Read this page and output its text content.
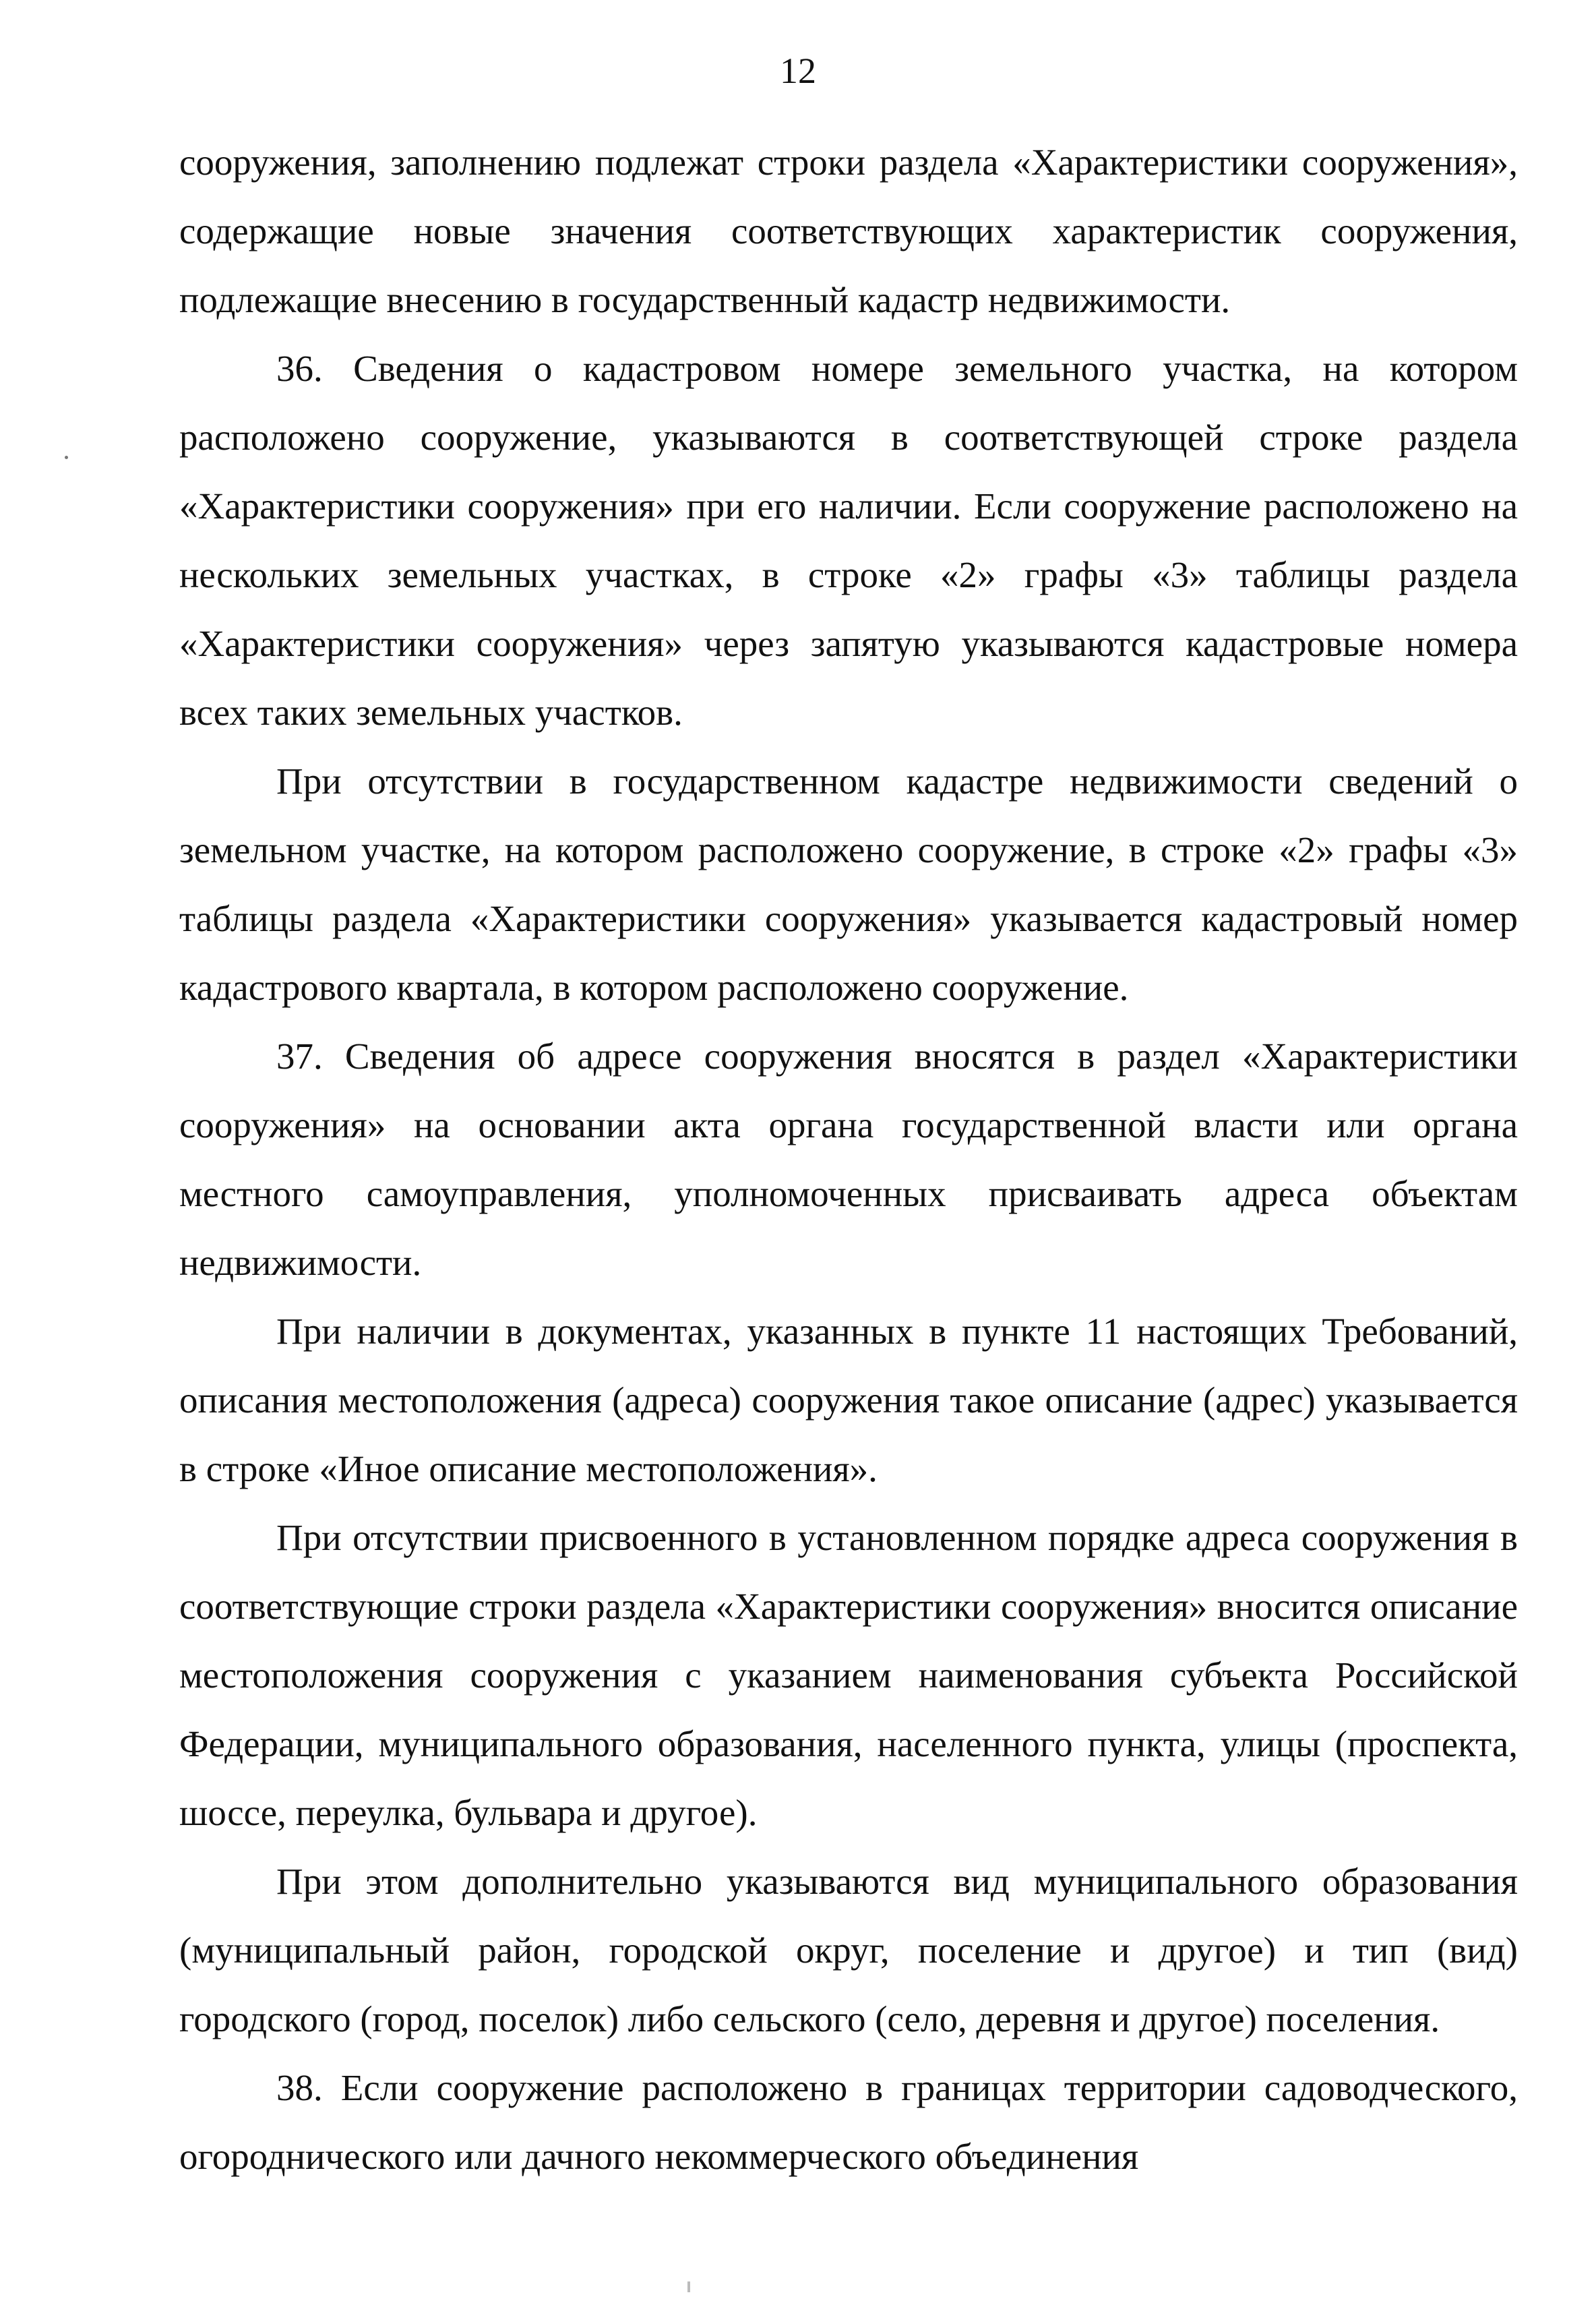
12

сооружения, заполнению подлежат строки раздела «Характеристики сооружения», содержащие новые значения соответствующих характеристик сооружения, подлежащие внесению в государственный кадастр недвижимости.

36. Сведения о кадастровом номере земельного участка, на котором расположено сооружение, указываются в соответствующей строке раздела «Характеристики сооружения» при его наличии. Если сооружение расположено на нескольких земельных участках, в строке «2» графы «3» таблицы раздела «Характеристики сооружения» через запятую указываются кадастровые номера всех таких земельных участков.

При отсутствии в государственном кадастре недвижимости сведений о земельном участке, на котором расположено сооружение, в строке «2» графы «3» таблицы раздела «Характеристики сооружения» указывается кадастровый номер кадастрового квартала, в котором расположено сооружение.

37. Сведения об адресе сооружения вносятся в раздел «Характеристики сооружения» на основании акта органа государственной власти или органа местного самоуправления, уполномоченных присваивать адреса объектам недвижимости.

При наличии в документах, указанных в пункте 11 настоящих Требований, описания местоположения (адреса) сооружения такое описание (адрес) указывается в строке «Иное описание местоположения».

При отсутствии присвоенного в установленном порядке адреса сооружения в соответствующие строки раздела «Характеристики сооружения» вносится описание местоположения сооружения с указанием наименования субъекта Российской Федерации, муниципального образования, населенного пункта, улицы (проспекта, шоссе, переулка, бульвара и другое).

При этом дополнительно указываются вид муниципального образования (муниципальный район, городской округ, поселение и другое) и тип (вид) городского (город, поселок) либо сельского (село, деревня и другое) поселения.

38. Если сооружение расположено в границах территории садоводческого, огороднического или дачного некоммерческого объединения
